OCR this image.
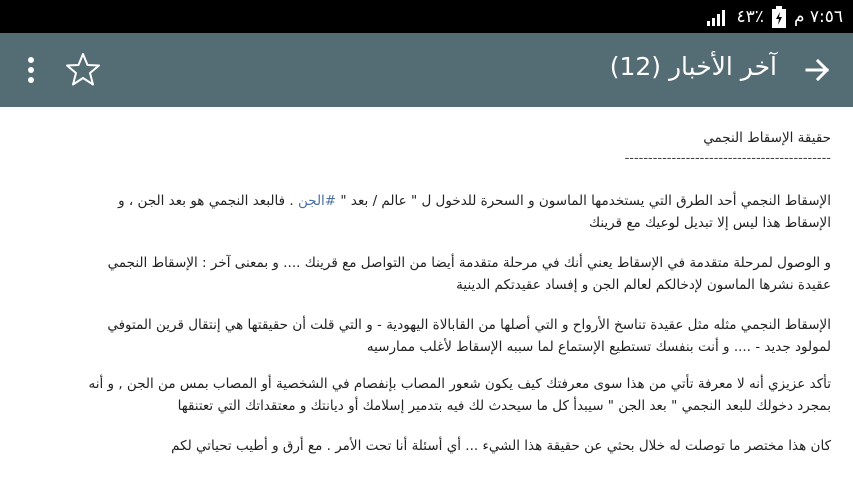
٤٣٪ ٧:٥٦ م
آخر الأخبار (12)
حقيقة الإسقاط النجمي
--------------------------------------------
الإسقاط النجمي أحد الطرق التي يستخدمها الماسون و السحرة للدخول ل " عالم / بعد " #الجن . فالبعد النجمي هو بعد الجن ، و
الإسقاط هذا ليس إلا تبديل لوعيك مع قرينك
و الوصول لمرحلة متقدمة في الإسقاط يعني أنك في مرحلة متقدمة أيضا من التواصل مع قرينك .... و بمعنى آخر : الإسقاط النجمي
عقيدة نشرها الماسون لإدخالكم لعالم الجن و إفساد عقيدتكم الدينية
الإسقاط النجمي مثله مثل عقيدة تناسخ الأرواح و التي أصلها من القابالاة اليهودية - و التي قلت أن حقيقتها هي إنتقال قرين المتوفي
لمولود جديد - .... و أنت بنفسك تستطيع الإستماع لما سببه الإسقاط لأغلب ممارسيه
تأكد عزيزي أنه لا معرفة تأتي من هذا سوى معرفتك كيف يكون شعور المصاب بإنفصام في الشخصية أو المصاب بمس من الجن , و أنه
بمجرد دخولك للبعد النجمي " بعد الجن " سيبدأ كل ما سيحدث لك فيه بتدمير إسلامك أو ديانتك و معتقداتك التي تعتنقها
كان هذا مختصر ما توصلت له خلال بحثي عن حقيقة هذا الشيء ... أي أسئلة أنا تحت الأمر . مع أرق و أطيب تحياتي لكم
